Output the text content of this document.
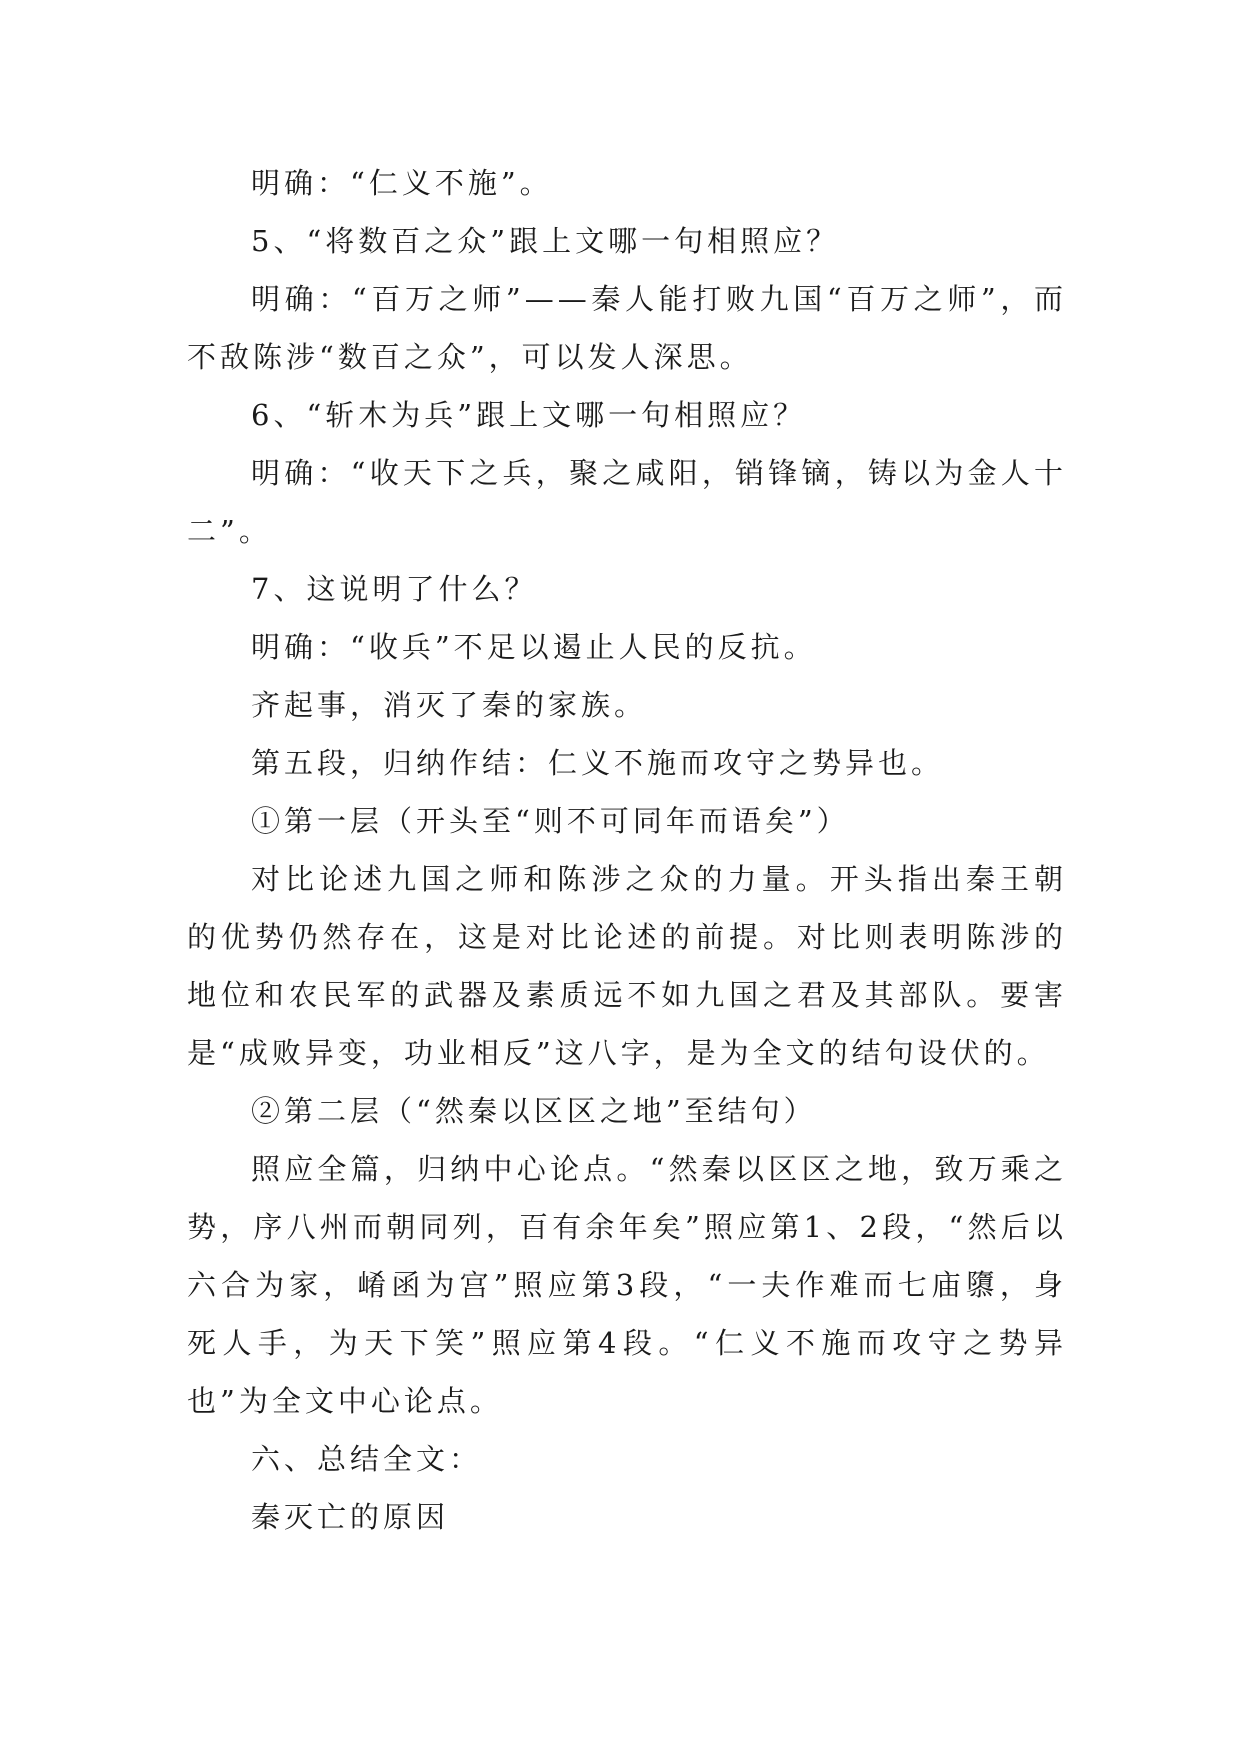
明确：“仁义不施”。

5、“将数百之众”跟上文哪一句相照应？

明确：“百万之师”——秦人能打败九国“百万之师”，而不敌陈涉“数百之众”，可以发人深思。

6、“斩木为兵”跟上文哪一句相照应？

明确：“收天下之兵，聚之咸阳，销锋镝，铸以为金人十二”。

7、这说明了什么？

明确：“收兵”不足以遏止人民的反抗。

齐起事，消灭了秦的家族。

第五段，归纳作结：仁义不施而攻守之势异也。

①第一层（开头至“则不可同年而语矣”）

对比论述九国之师和陈涉之众的力量。开头指出秦王朝的优势仍然存在，这是对比论述的前提。对比则表明陈涉的地位和农民军的武器及素质远不如九国之君及其部队。要害是“成败异变，功业相反”这八字，是为全文的结句设伏的。

②第二层（“然秦以区区之地”至结句）

照应全篇，归纳中心论点。“然秦以区区之地，致万乘之势，序八州而朝同列，百有余年矣”照应第1、2段，“然后以六合为家，崤函为宫”照应第3段，“一夫作难而七庙隳，身死人手，为天下笑”照应第4段。“仁义不施而攻守之势异也”为全文中心论点。

六、总结全文：

秦灭亡的原因
